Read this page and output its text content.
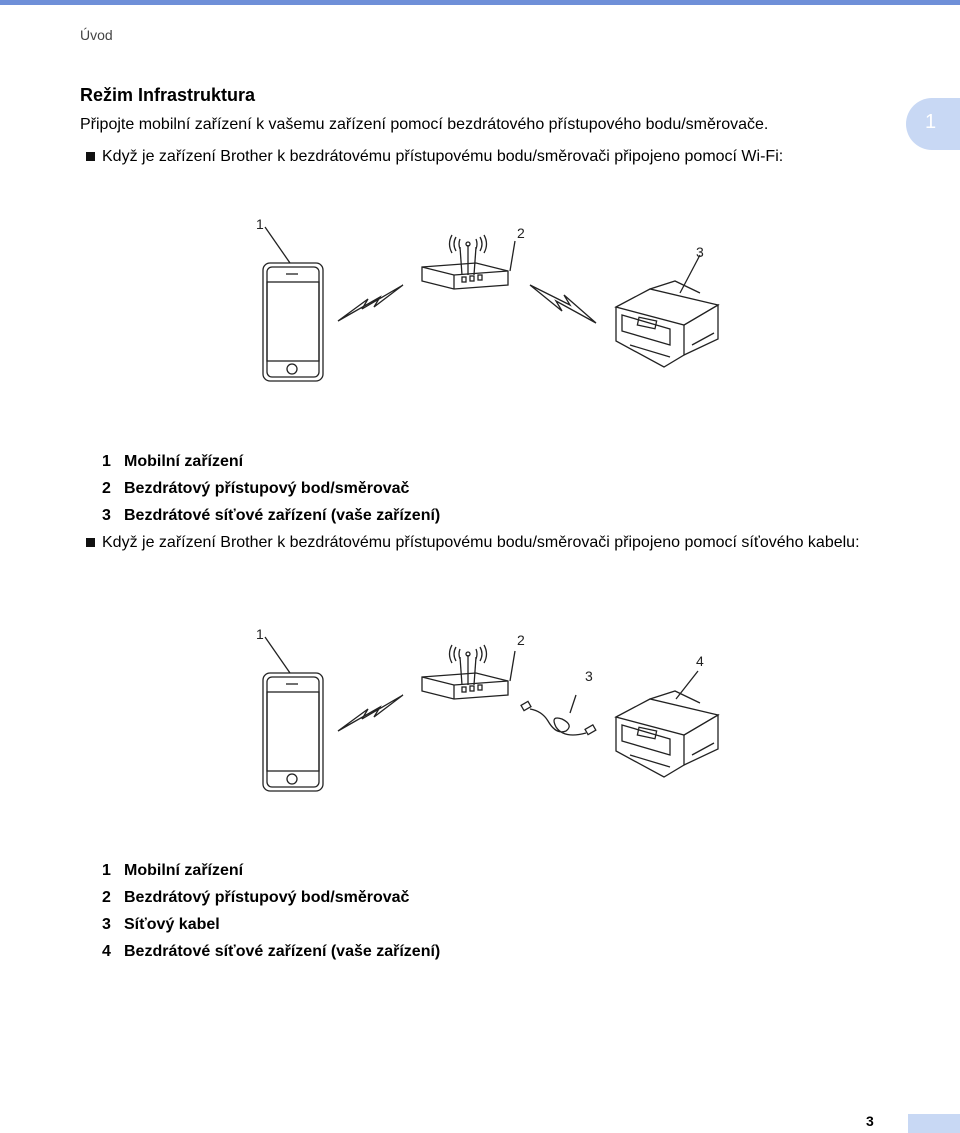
Úvod
1
Režim Infrastruktura
Připojte mobilní zařízení k vašemu zařízení pomocí bezdrátového přístupového bodu/směrovače.
Když je zařízení Brother k bezdrátovému přístupovému bodu/směrovači připojeno pomocí Wi-Fi:
1
2
3
1 Mobilní zařízení
2 Bezdrátový přístupový bod/směrovač
3 Bezdrátové síťové zařízení (vaše zařízení)
Když je zařízení Brother k bezdrátovému přístupovému bodu/směrovači připojeno pomocí síťového kabelu:
1	2
3
4
1 Mobilní zařízení
2 Bezdrátový přístupový bod/směrovač
3 Síťový kabel
4 Bezdrátové síťové zařízení (vaše zařízení)
3
